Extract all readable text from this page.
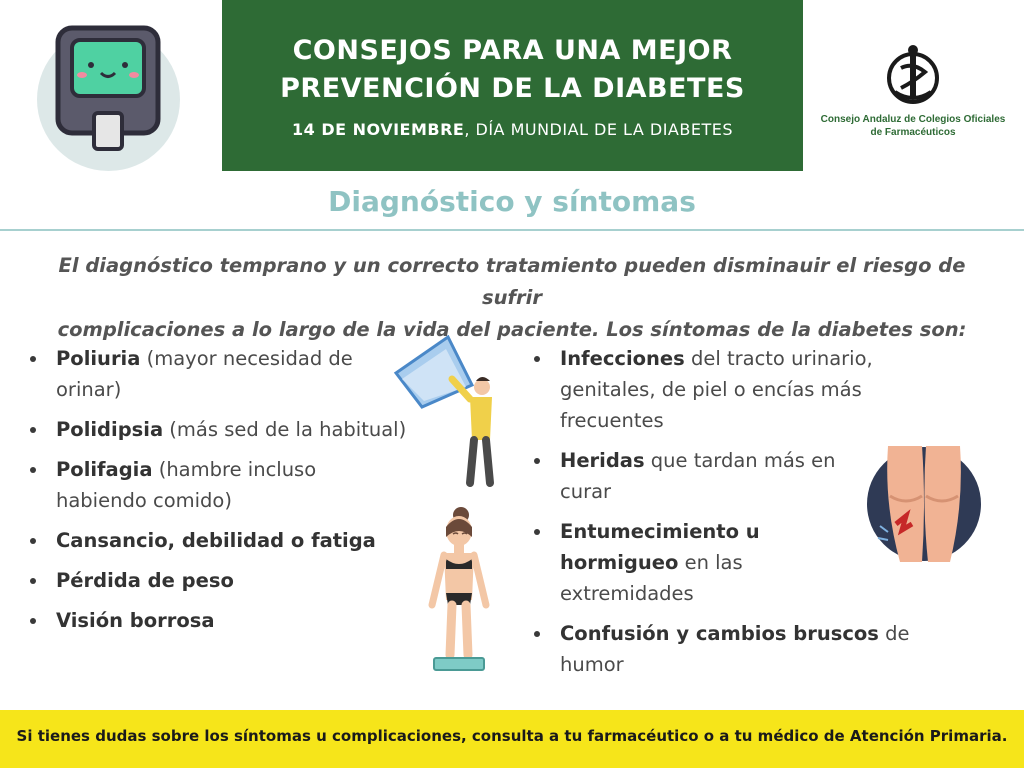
CONSEJOS PARA UNA MEJOR
PREVENCIÓN DE LA DIABETES
14 DE NOVIEMBRE, DÍA MUNDIAL DE LA DIABETES
Consejo Andaluz de Colegios Oficiales
de Farmacéuticos
Diagnóstico y síntomas
El diagnóstico temprano y un correcto tratamiento pueden disminauir el riesgo de sufrir
complicaciones a lo largo de la vida del paciente. Los síntomas de la diabetes son:
Poliuria (mayor necesidad de orinar)
Polidipsia (más sed de la habitual)
Polifagia (hambre incluso habiendo comido)
Cansancio, debilidad o fatiga
Pérdida de peso
Visión borrosa
Infecciones del tracto urinario, genitales, de piel o encías más frecuentes
Heridas que tardan más en curar
Entumecimiento u hormigueo en las extremidades
Confusión y cambios bruscos de humor
Si tienes dudas sobre los síntomas u complicaciones, consulta a tu farmacéutico o a tu médico de Atención Primaria.
